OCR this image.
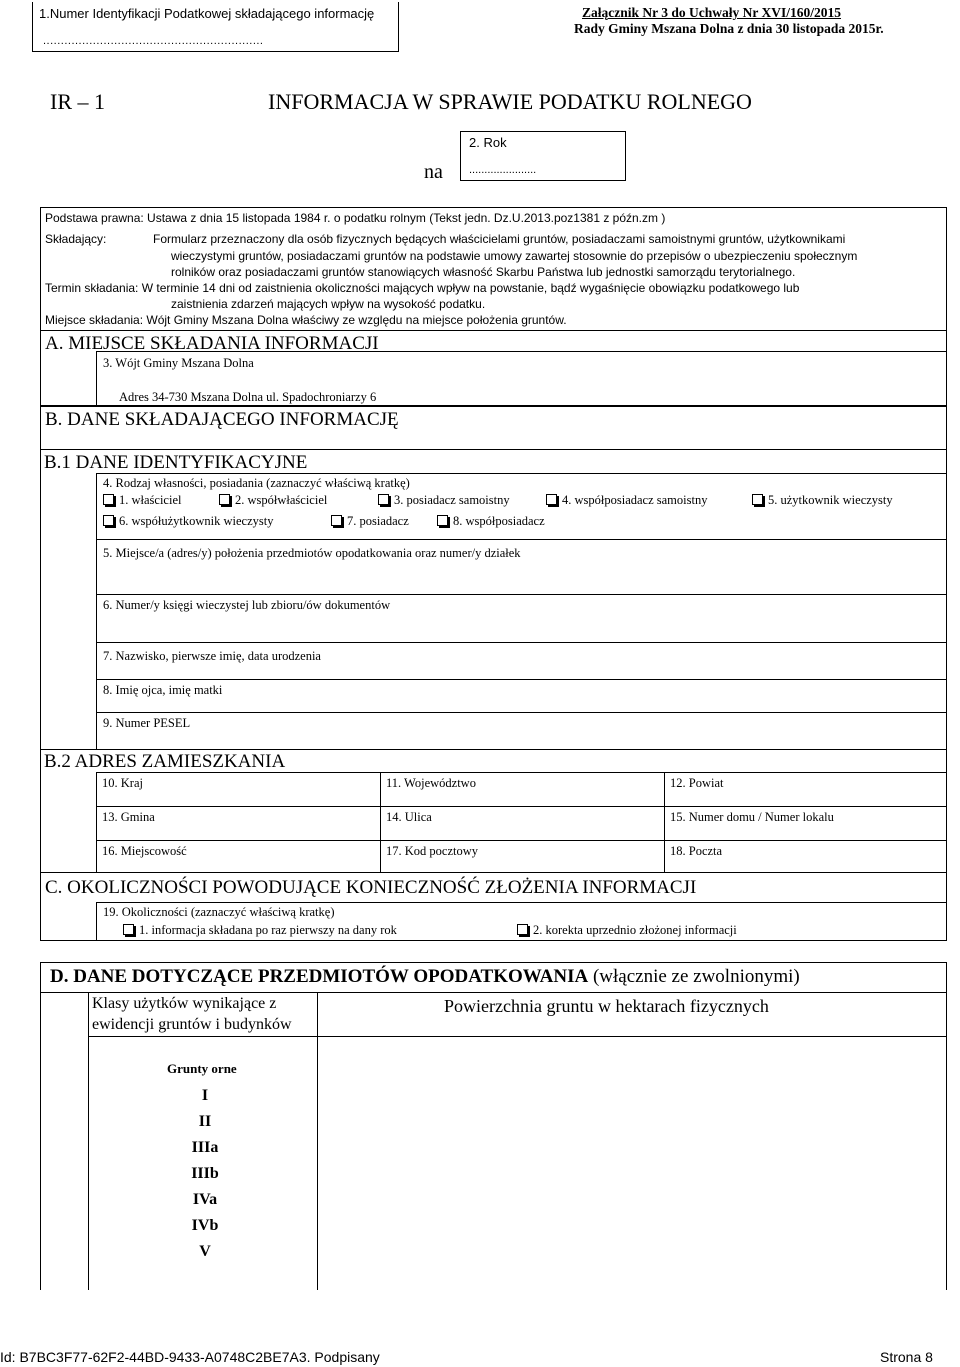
1.Numer Identyfikacji Podatkowej składającego informację
..............................................................
Załącznik Nr 3 do Uchwały Nr XVI/160/2015
Rady Gminy Mszana Dolna z dnia 30 listopada 2015r.
IR – 1	INFORMACJA W SPRAWIE PODATKU ROLNEGO
na
2. Rok
......................
Podstawa prawna: Ustawa z dnia 15 listopada 1984 r. o podatku rolnym (Tekst jedn. Dz.U.2013.poz1381 z późn.zm )
Składający:	Formularz przeznaczony dla osób fizycznych będących właścicielami gruntów, posiadaczami samoistnymi gruntów, użytkownikami
wieczystymi gruntów, posiadaczami gruntów na podstawie umowy zawartej stosownie do przepisów o ubezpieczeniu społecznym
rolników oraz posiadaczami gruntów stanowiących własność Skarbu Państwa lub jednostki samorządu terytorialnego.
Termin składania: W terminie 14 dni od zaistnienia okoliczności mających wpływ na powstanie, bądź wygaśnięcie obowiązku podatkowego lub
zaistnienia zdarzeń mających wpływ na wysokość podatku.
Miejsce składania: Wójt Gminy Mszana Dolna właściwy ze względu na miejsce położenia gruntów.
A. MIEJSCE SKŁADANIA INFORMACJI
3. Wójt Gminy Mszana Dolna
Adres 34-730 Mszana Dolna ul. Spadochroniarzy 6
B. DANE SKŁADAJĄCEGO INFORMACJĘ
B.1 DANE IDENTYFIKACYJNE
4. Rodzaj własności, posiadania (zaznaczyć właściwą kratkę)
1. właściciel	2. współwłaściciel	3. posiadacz samoistny	4. współposiadacz samoistny	5. użytkownik wieczysty
6. współużytkownik wieczysty	7. posiadacz	8. współposiadacz
5. Miejsce/a (adres/y) położenia przedmiotów opodatkowania oraz numer/y działek
6. Numer/y księgi wieczystej lub zbioru/ów dokumentów
7. Nazwisko, pierwsze imię, data urodzenia
8. Imię ojca, imię matki
9. Numer PESEL
B.2 ADRES ZAMIESZKANIA
10. Kraj	11. Województwo	12. Powiat
13. Gmina	14. Ulica	15. Numer domu / Numer lokalu
16. Miejscowość	17. Kod pocztowy	18. Poczta
C. OKOLICZNOŚCI POWODUJĄCE KONIECZNOŚĆ ZŁOŻENIA INFORMACJI
19. Okoliczności (zaznaczyć właściwą kratkę)
1. informacja składana po raz pierwszy na dany rok	2. korekta uprzednio złożonej informacji
D. DANE DOTYCZĄCE PRZEDMIOTÓW OPODATKOWANIA (włącznie ze zwolnionymi)
Klasy użytków wynikające z
ewidencji gruntów i budynków
Powierzchnia gruntu w hektarach fizycznych
Grunty orne
I
II
IIIa
IIIb
IVa
IVb
V
Id: B7BC3F77-62F2-44BD-9433-A0748C2BE7A3. Podpisany	Strona 8
